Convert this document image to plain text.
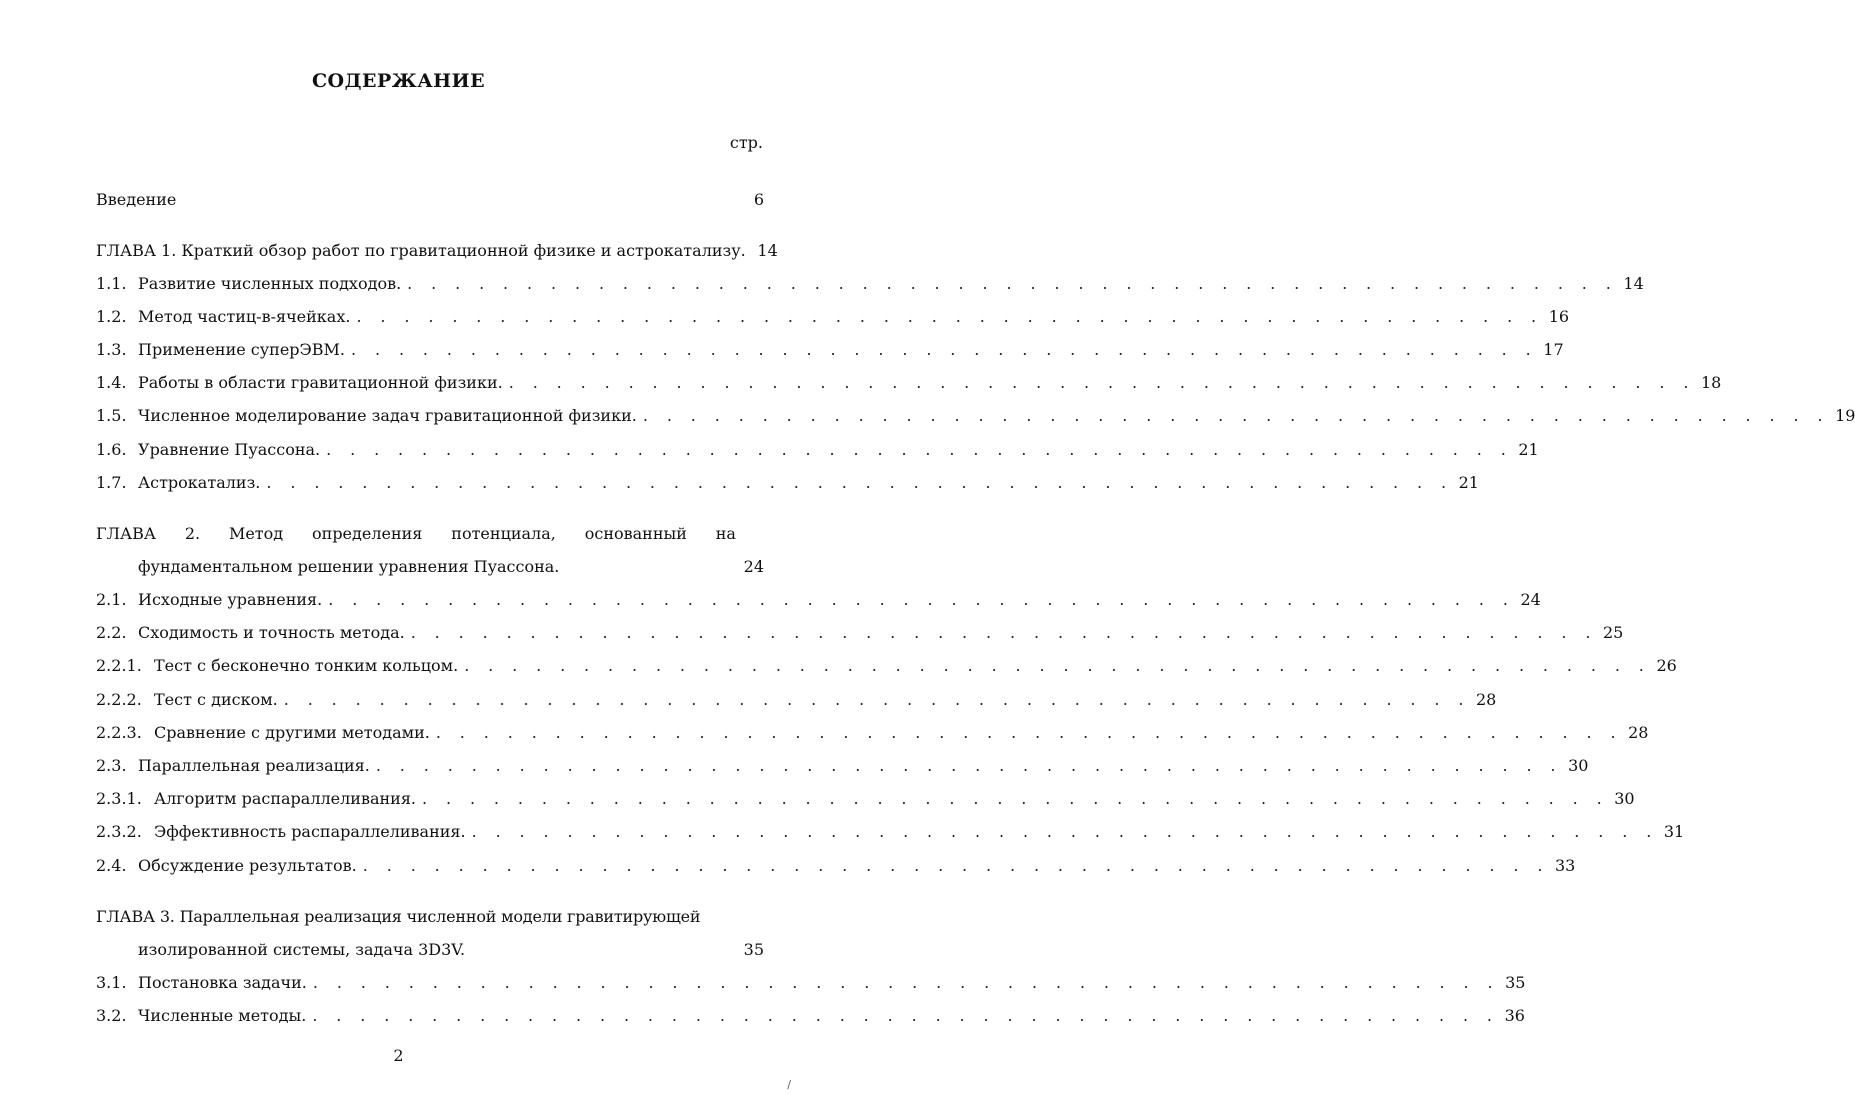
СОДЕРЖАНИЕ
стр.
Введение	6
ГЛАВА 1. Краткий обзор работ по гравитационной физике и астрокатализу. 14
1.1. Развитие численных подходов. . . . . . . . . . . . . . . . . . . . . . . . . . . . . . . . . . . . . . . . . . . . . . . . . . . . 14
1.2. Метод частиц-в-ячейках. . . . . . . . . . . . . . . . . . . . . . . . . . . . . . . . . . . . . . . . . . . . . . . . . . . 16
1.3. Применение суперЭВМ. . . . . . . . . . . . . . . . . . . . . . . . . . . . . . . . . . . . . . . . . . . . . . . . . . . 17
1.4. Работы в области гравитационной физики. . . . . . . . . . . . . . . . . . . . . . . . . . . . . . . . . . . . . . . . . . . . . . . . . . . 18
1.5. Численное моделирование задач гравитационной физики. . . . . . . . . . . . . . . . . . . . . . . . . . . . . . . . . . . . . . . . . . . . . . . . . . . 19
1.6. Уравнение Пуассона. . . . . . . . . . . . . . . . . . . . . . . . . . . . . . . . . . . . . . . . . . . . . . . . . . . 21
1.7. Астрокатализ. . . . . . . . . . . . . . . . . . . . . . . . . . . . . . . . . . . . . . . . . . . . . . . . . . . 21
ГЛАВА 2. Метод определения потенциала, основанный на
фундаментальном решении уравнения Пуассона.	24
2.1. Исходные уравнения. . . . . . . . . . . . . . . . . . . . . . . . . . . . . . . . . . . . . . . . . . . . . . . . . . . 24
2.2. Сходимость и точность метода. . . . . . . . . . . . . . . . . . . . . . . . . . . . . . . . . . . . . . . . . . . . . . . . . . . 25
2.2.1. Тест с бесконечно тонким кольцом. . . . . . . . . . . . . . . . . . . . . . . . . . . . . . . . . . . . . . . . . . . . . . . . . . . 26
2.2.2. Тест с диском. . . . . . . . . . . . . . . . . . . . . . . . . . . . . . . . . . . . . . . . . . . . . . . . . . . 28
2.2.3. Сравнение с другими методами. . . . . . . . . . . . . . . . . . . . . . . . . . . . . . . . . . . . . . . . . . . . . . . . . . . 28
2.3. Параллельная реализация. . . . . . . . . . . . . . . . . . . . . . . . . . . . . . . . . . . . . . . . . . . . . . . . . . . 30
2.3.1. Алгоритм распараллеливания. . . . . . . . . . . . . . . . . . . . . . . . . . . . . . . . . . . . . . . . . . . . . . . . . . . 30
2.3.2. Эффективность распараллеливания. . . . . . . . . . . . . . . . . . . . . . . . . . . . . . . . . . . . . . . . . . . . . . . . . . . 31
2.4. Обсуждение результатов. . . . . . . . . . . . . . . . . . . . . . . . . . . . . . . . . . . . . . . . . . . . . . . . . . . 33
ГЛАВА 3. Параллельная реализация численной модели гравитирующей
изолированной системы, задача 3D3V.	35
3.1. Постановка задачи. . . . . . . . . . . . . . . . . . . . . . . . . . . . . . . . . . . . . . . . . . . . . . . . . . . 35
3.2. Численные методы. . . . . . . . . . . . . . . . . . . . . . . . . . . . . . . . . . . . . . . . . . . . . . . . . . . 36
2
/
